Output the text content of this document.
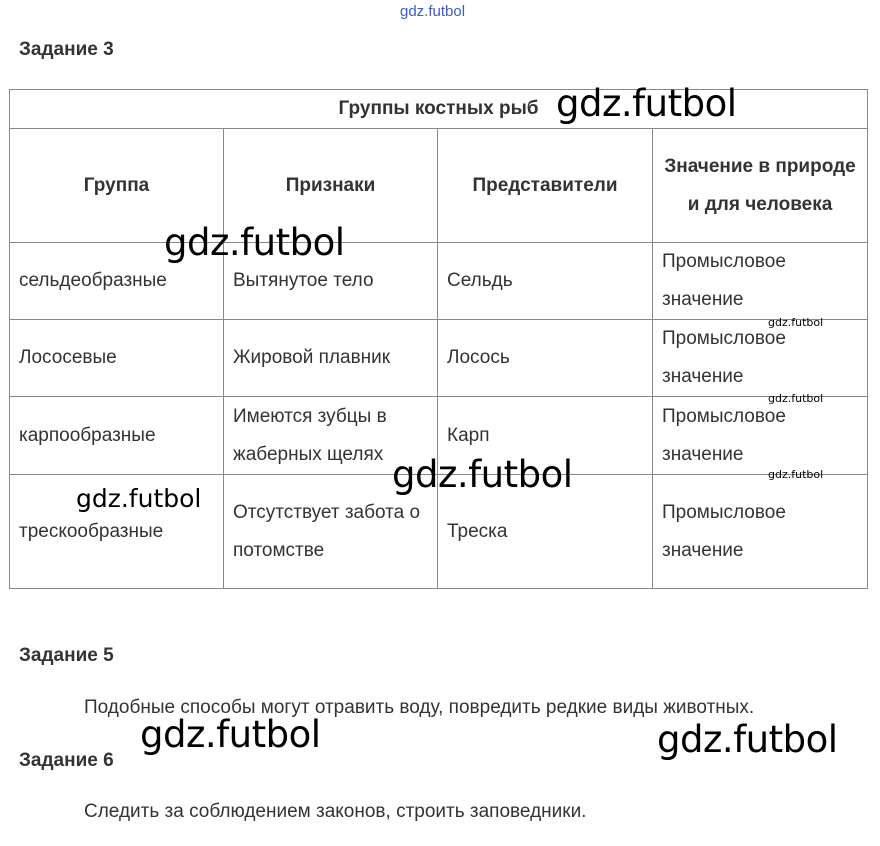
gdz.futbol
Задание 3
Группы костных рыб			
Группа	Признаки	Представители	Значение в природе и для человека
сельдеобразные	Вытянутое тело	Сельдь	Промысловое значение
Лососевые	Жировой плавник	Лосось	Промысловое значение
карпообразные	Имеются зубцы в жаберных щелях	Карп	Промысловое значение
трескообразные	Отсутствует забота о потомстве	Треска	Промысловое значение
Задание 5
Подобные способы могут отравить воду, повредить редкие виды животных.
Задание 6
Следить за соблюдением законов, строить заповедники.
gdz.futbol
gdz.futbol
gdz.futbol
gdz.futbol
gdz.futbol	gdz.futbol
gdz.futbol
gdz.futbol	gdz.futbol
